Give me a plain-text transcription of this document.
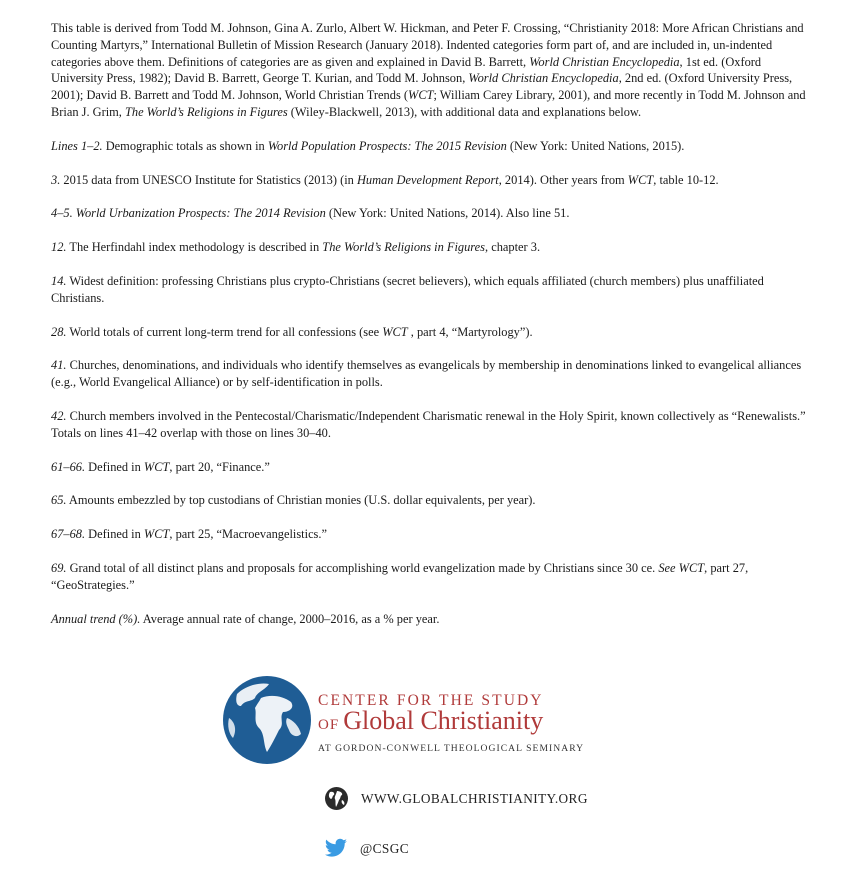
This table is derived from Todd M. Johnson, Gina A. Zurlo, Albert W. Hickman, and Peter F. Crossing, “Christianity 2018: More African Christians and Counting Martyrs,” International Bulletin of Mission Research (January 2018). Indented categories form part of, and are included in, un-indented categories above them. Definitions of categories are as given and explained in David B. Barrett, World Christian Encyclopedia, 1st ed. (Oxford University Press, 1982); David B. Barrett, George T. Kurian, and Todd M. Johnson, World Christian Encyclopedia, 2nd ed. (Oxford University Press, 2001); David B. Barrett and Todd M. Johnson, World Christian Trends (WCT; William Carey Library, 2001), and more recently in Todd M. Johnson and Brian J. Grim, The World’s Religions in Figures (Wiley-Blackwell, 2013), with additional data and explanations below.

Lines 1–2. Demographic totals as shown in World Population Prospects: The 2015 Revision (New York: United Nations, 2015).

3. 2015 data from UNESCO Institute for Statistics (2013) (in Human Development Report, 2014). Other years from WCT, table 10-12.

4–5. World Urbanization Prospects: The 2014 Revision (New York: United Nations, 2014). Also line 51.

12. The Herfindahl index methodology is described in The World’s Religions in Figures, chapter 3.

14. Widest definition: professing Christians plus crypto-Christians (secret believers), which equals affiliated (church members) plus unaffiliated Christians.

28. World totals of current long-term trend for all confessions (see WCT , part 4, “Martyrology”).

41. Churches, denominations, and individuals who identify themselves as evangelicals by membership in denominations linked to evangelical alliances (e.g., World Evangelical Alliance) or by self-identification in polls.

42. Church members involved in the Pentecostal/Charismatic/Independent Charismatic renewal in the Holy Spirit, known collectively as “Renewalists.” Totals on lines 41–42 overlap with those on lines 30–40.

61–66. Defined in WCT, part 20, “Finance.”

65. Amounts embezzled by top custodians of Christian monies (U.S. dollar equivalents, per year).

67–68. Defined in WCT, part 25, “Macroevangelistics.”

69. Grand total of all distinct plans and proposals for accomplishing world evangelization made by Christians since 30 ce. See WCT, part 27, “GeoStrategies.”

Annual trend (%). Average annual rate of change, 2000–2016, as a % per year.

CENTER FOR THE STUDY
OF Global Christianity
AT GORDON-CONWELL THEOLOGICAL SEMINARY
WWW.GLOBALCHRISTIANITY.ORG
@CSGC
